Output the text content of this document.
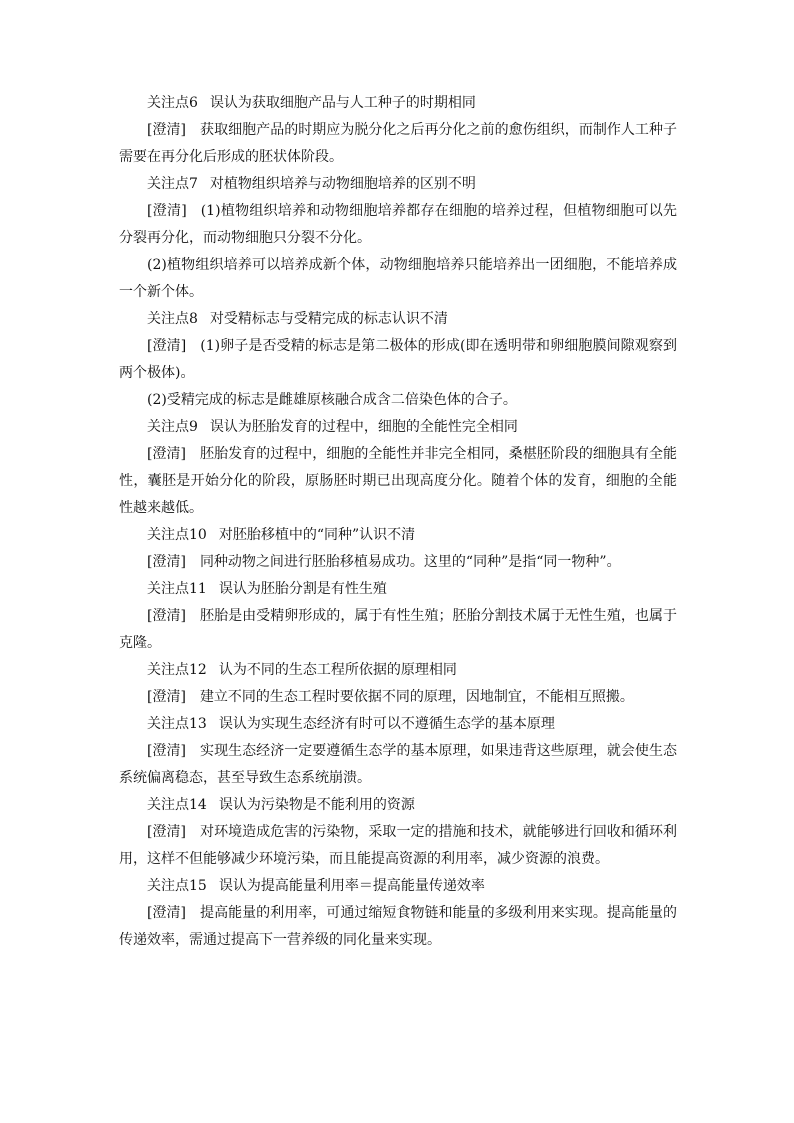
关注点6 误认为获取细胞产品与人工种子的时期相同
[澄清] 获取细胞产品的时期应为脱分化之后再分化之前的愈伤组织，而制作人工种子需要在再分化后形成的胚状体阶段。
关注点7 对植物组织培养与动物细胞培养的区别不明
[澄清] (1)植物组织培养和动物细胞培养都存在细胞的培养过程，但植物细胞可以先分裂再分化，而动物细胞只分裂不分化。
(2)植物组织培养可以培养成新个体，动物细胞培养只能培养出一团细胞，不能培养成一个新个体。
关注点8 对受精标志与受精完成的标志认识不清
[澄清] (1)卵子是否受精的标志是第二极体的形成(即在透明带和卵细胞膜间隙观察到两个极体)。
(2)受精完成的标志是雌雄原核融合成含二倍染色体的合子。
关注点9 误认为胚胎发育的过程中，细胞的全能性完全相同
[澄清] 胚胎发育的过程中，细胞的全能性并非完全相同，桑椹胚阶段的细胞具有全能性，囊胚是开始分化的阶段，原肠胚时期已出现高度分化。随着个体的发育，细胞的全能性越来越低。
关注点10 对胚胎移植中的“同种”认识不清
[澄清] 同种动物之间进行胚胎移植易成功。这里的“同种”是指“同一物种”。
关注点11 误认为胚胎分割是有性生殖
[澄清] 胚胎是由受精卵形成的，属于有性生殖；胚胎分割技术属于无性生殖，也属于克隆。
关注点12 认为不同的生态工程所依据的原理相同
[澄清] 建立不同的生态工程时要依据不同的原理，因地制宜，不能相互照搬。
关注点13 误认为实现生态经济有时可以不遵循生态学的基本原理
[澄清] 实现生态经济一定要遵循生态学的基本原理，如果违背这些原理，就会使生态系统偏离稳态，甚至导致生态系统崩溃。
关注点14 误认为污染物是不能利用的资源
[澄清] 对环境造成危害的污染物，采取一定的措施和技术，就能够进行回收和循环利用，这样不但能够减少环境污染，而且能提高资源的利用率，减少资源的浪费。
关注点15 误认为提高能量利用率＝提高能量传递效率
[澄清] 提高能量的利用率，可通过缩短食物链和能量的多级利用来实现。提高能量的传递效率，需通过提高下一营养级的同化量来实现。
